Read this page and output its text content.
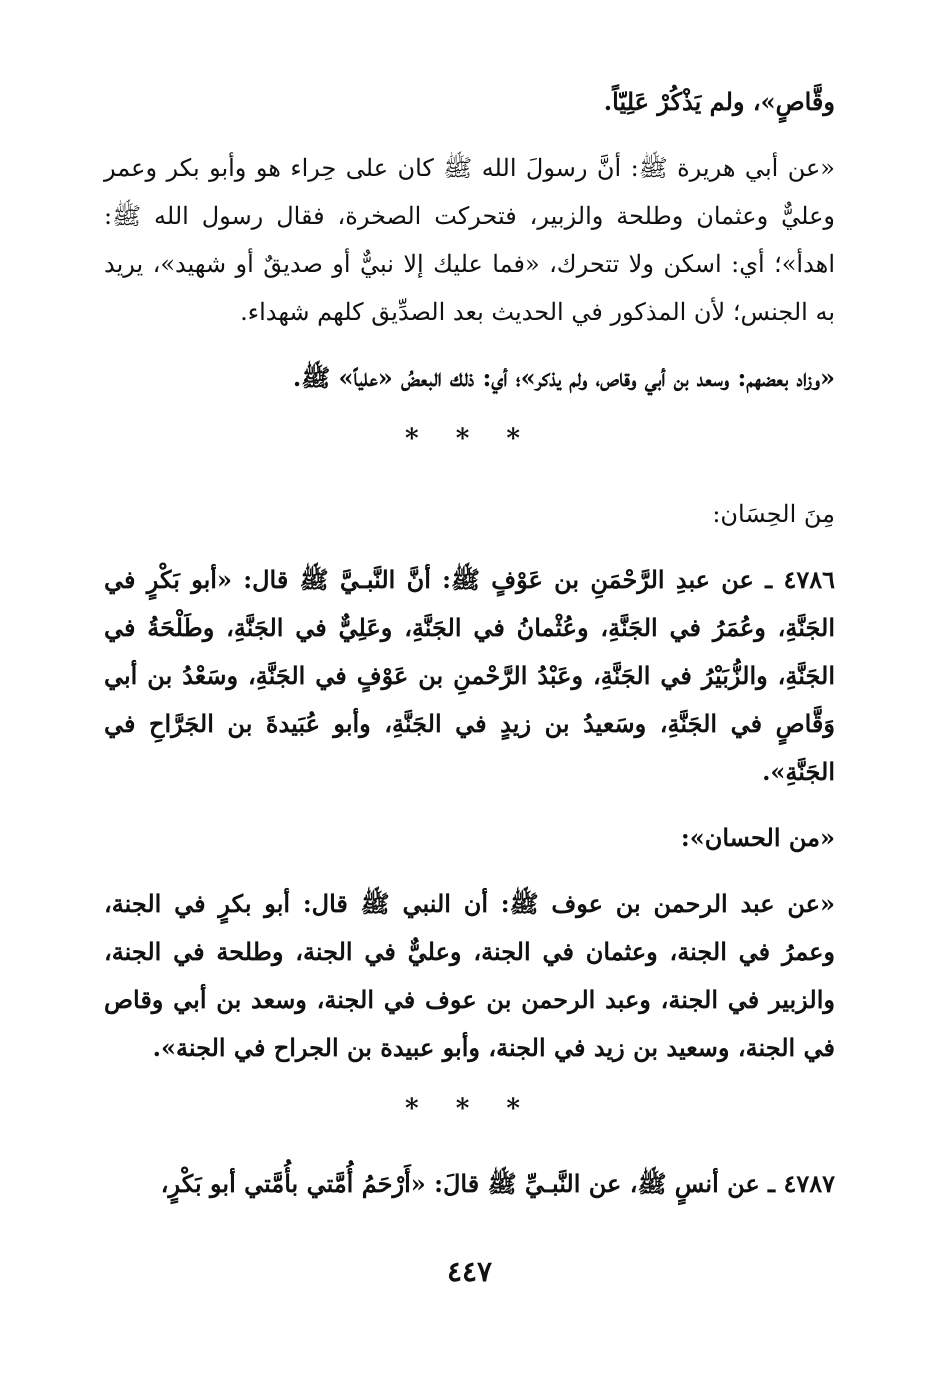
وقَّاصٍ»، ولم يَذْكُرْ عَلِيّاً.

«عن أبي هريرة ﷺ: أنَّ رسولَ الله ﷺ كان على حِراء هو وأبو بكر وعمر وعليٌّ وعثمان وطلحة والزبير، فتحركت الصخرة، فقال رسول الله ﷺ: اهدأ»؛ أي: اسكن ولا تتحرك، «فما عليك إلا نبيٌّ أو صديقٌ أو شهيد»، يريد به الجنس؛ لأن المذكور في الحديث بعد الصدِّيق كلهم شهداء.

«وزاد بعضهم: وسعد بن أبي وقاص، ولم يذكر»؛ أي: ذلك البعضُ «علياً» ﷺ.

* * *
مِنَ الحِسَان:

٤٧٨٦ ـ عن عبدِ الرَّحْمَنِ بن عَوْفٍ ﷺ: أنَّ النَّبـيَّ ﷺ قال: «أبو بَكْرٍ في الجَنَّةِ، وعُمَرُ في الجَنَّةِ، وعُثْمانُ في الجَنَّةِ، وعَلِيٌّ في الجَنَّةِ، وطَلْحَةُ في الجَنَّةِ، والزُّبَيْرُ في الجَنَّةِ، وعَبْدُ الرَّحْمنِ بن عَوْفٍ في الجَنَّةِ، وسَعْدُ بن أبي وَقَّاصٍ في الجَنَّةِ، وسَعيدُ بن زيدٍ في الجَنَّةِ، وأبو عُبَيدةَ بن الجَرَّاحِ في الجَنَّةِ».

«من الحسان»:

«عن عبد الرحمن بن عوف ﷺ: أن النبي ﷺ قال: أبو بكرٍ في الجنة، وعمرُ في الجنة، وعثمان في الجنة، وعليٌّ في الجنة، وطلحة في الجنة، والزبير في الجنة، وعبد الرحمن بن عوف في الجنة، وسعد بن أبي وقاص في الجنة، وسعيد بن زيد في الجنة، وأبو عبيدة بن الجراح في الجنة».

* * *

٤٧٨٧ ـ عن أنسٍ ﷺ، عن النَّبـيِّ ﷺ قالَ: «أَرْحَمُ أُمَّتي بأُمَّتي أبو بَكْرٍ،

٤٤٧
